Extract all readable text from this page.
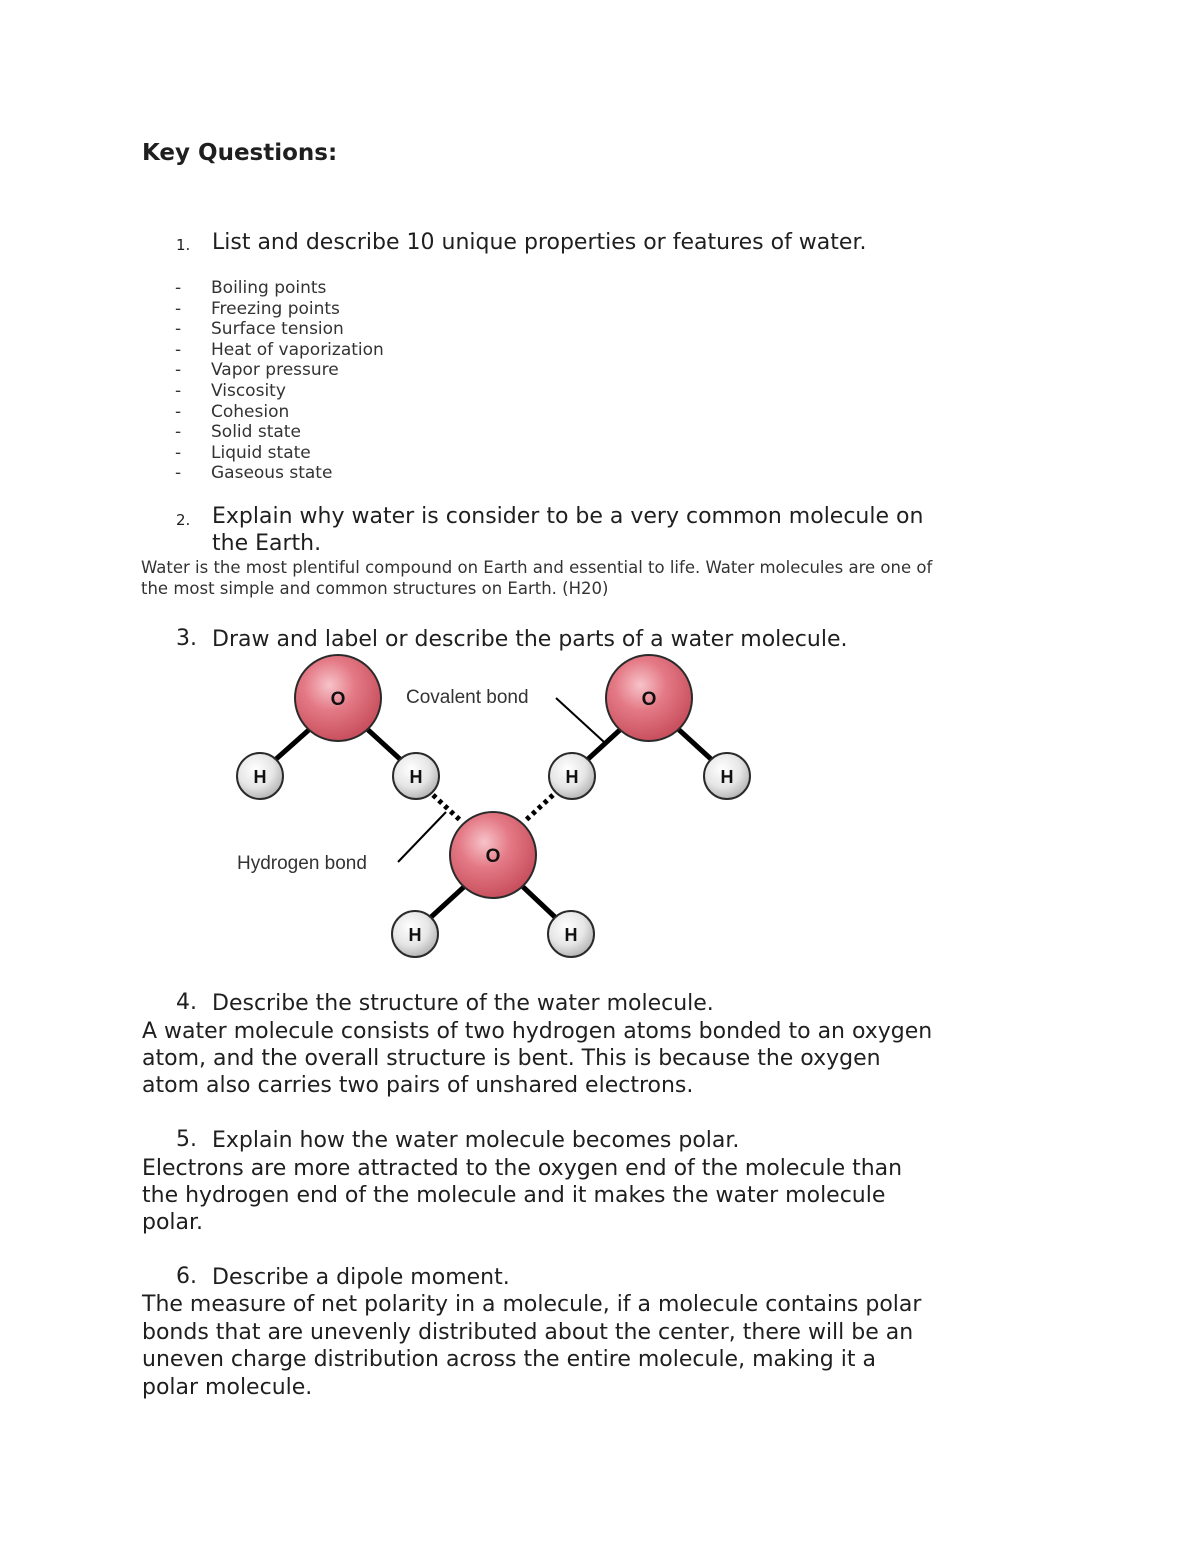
Key Questions:
1. List and describe 10 unique properties or features of water.
-	Boiling points
-	Freezing points
-	Surface tension
-	Heat of vaporization
-	Vapor pressure
-	Viscosity
-	Cohesion
-	Solid state
-	Liquid state
-	Gaseous state
2. Explain why water is consider to be a very common molecule on
the Earth.
Water is the most plentiful compound on Earth and essential to life. Water molecules are one of
the most simple and common structures on Earth. (H20)
3. Draw and label or describe the parts of a water molecule.
O	O
O
H	H	H	H
H	H
Covalent bond
Hydrogen bond
4. Describe the structure of the water molecule.
A water molecule consists of two hydrogen atoms bonded to an oxygen
atom, and the overall structure is bent. This is because the oxygen
atom also carries two pairs of unshared electrons.
5. Explain how the water molecule becomes polar.
Electrons are more attracted to the oxygen end of the molecule than
the hydrogen end of the molecule and it makes the water molecule
polar.
6. Describe a dipole moment.
The measure of net polarity in a molecule, if a molecule contains polar
bonds that are unevenly distributed about the center, there will be an
uneven charge distribution across the entire molecule, making it a
polar molecule.
